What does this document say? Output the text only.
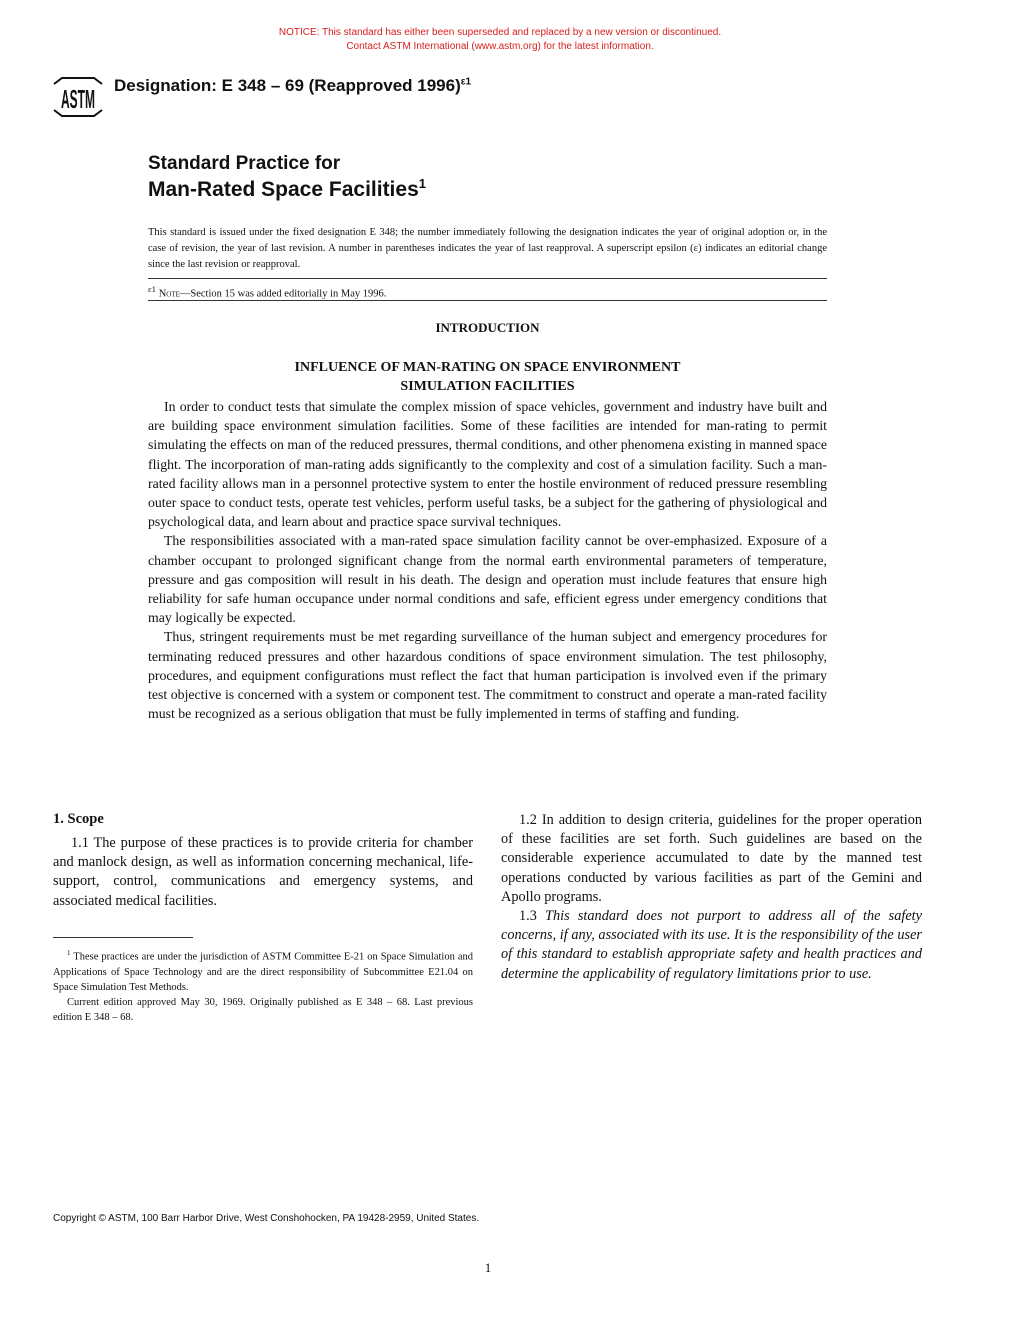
NOTICE: This standard has either been superseded and replaced by a new version or discontinued.
Contact ASTM International (www.astm.org) for the latest information.
ASTM
Designation: E 348 – 69 (Reapproved 1996)$^{\varepsilon 1}$
Standard Practice for
Man-Rated Space Facilities$^1$
This standard is issued under the fixed designation E 348; the number immediately following the designation indicates the year of original adoption or, in the case of revision, the year of last revision. A number in parentheses indicates the year of last reapproval. A superscript epsilon (ε) indicates an editorial change since the last revision or reapproval.
$^{\varepsilon 1}$ Note—Section 15 was added editorially in May 1996.
INTRODUCTION
INFLUENCE OF MAN-RATING ON SPACE ENVIRONMENT
SIMULATION FACILITIES

In order to conduct tests that simulate the complex mission of space vehicles, government and industry have built and are building space environment simulation facilities. Some of these facilities are intended for man-rating to permit simulating the effects on man of the reduced pressures, thermal conditions, and other phenomena existing in manned space flight. The incorporation of man-rating adds significantly to the complexity and cost of a simulation facility. Such a man-rated facility allows man in a personnel protective system to enter the hostile environment of reduced pressure resembling outer space to conduct tests, operate test vehicles, perform useful tasks, be a subject for the gathering of physiological and psychological data, and learn about and practice space survival techniques.

The responsibilities associated with a man-rated space simulation facility cannot be over-emphasized. Exposure of a chamber occupant to prolonged significant change from the normal earth environmental parameters of temperature, pressure and gas composition will result in his death. The design and operation must include features that ensure high reliability for safe human occupance under normal conditions and safe, efficient egress under emergency conditions that may logically be expected.

Thus, stringent requirements must be met regarding surveillance of the human subject and emergency procedures for terminating reduced pressures and other hazardous conditions of space environment simulation. The test philosophy, procedures, and equipment configurations must reflect the fact that human participation is involved even if the primary test objective is concerned with a system or component test. The commitment to construct and operate a man-rated facility must be recognized as a serious obligation that must be fully implemented in terms of staffing and funding.

1. Scope

1.1 The purpose of these practices is to provide criteria for chamber and manlock design, as well as information concerning mechanical, life-support, control, communications and emergency systems, and associated medical facilities.

1.2 In addition to design criteria, guidelines for the proper operation of these facilities are set forth. Such guidelines are based on the considerable experience accumulated to date by the manned test operations conducted by various facilities as part of the Gemini and Apollo programs.

1.3 This standard does not purport to address all of the safety concerns, if any, associated with its use. It is the responsibility of the user of this standard to establish appropriate safety and health practices and determine the applicability of regulatory limitations prior to use.

$^1$ These practices are under the jurisdiction of ASTM Committee E-21 on Space Simulation and Applications of Space Technology and are the direct responsibility of Subcommittee E21.04 on Space Simulation Test Methods.

Current edition approved May 30, 1969. Originally published as E 348 – 68. Last previous edition E 348 – 68.

Copyright © ASTM, 100 Barr Harbor Drive, West Conshohocken, PA 19428-2959, United States.
1
